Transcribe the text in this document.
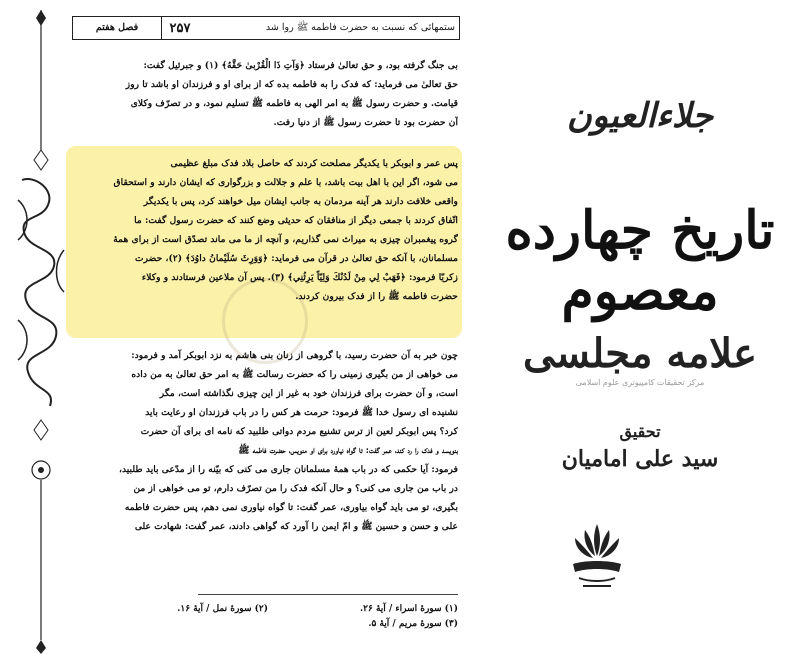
ستمهائی که نسبت به حضرت فاطمه ﷺ روا شد
۲۵۷
فصل هفتم
بی جنگ گرفته بود، و حق تعالیٰ فرستاد ﴿وَآتِ ذَا الْقُرْبىٰ حَقَّهُ﴾ (۱) و جبرئیل گفت:
حق تعالیٰ می فرماید: که فدک را به فاطمه بده که از برای او و فرزندان او باشد تا روز
قیامت. و حضرت رسول ﷺ به امر الهی به فاطمه ﷺ تسلیم نمود، و در تصرّف وکلای
آن حضرت بود تا حضرت رسول ﷺ از دنیا رفت.
پس عمر و ابوبکر با یکدیگر مصلحت کردند که حاصل بلاد فدک مبلغ عظیمی
می شود، اگر این با اهل بیت باشد، با علم و جلالت و بزرگواری که ایشان دارند و استحقاق
واقعی خلافت دارند هر آینه مردمان به جانب ایشان میل خواهند کرد، پس با یکدیگر
اتّفاق کردند با جمعی دیگر از منافقان که حدیثی وضع کنند که حضرت رسول گفت: ما
گروه پیغمبران چیزی به میراث نمی گذاریم، و آنچه از ما می ماند تصدّق است از برای همهٔ
مسلمانان، با آنکه حق تعالیٰ در قرآن می فرماید: ﴿وَوَرِثَ سُلَيْمانُ داوُدَ﴾ (۲)، حضرت
زکریّا فرمود: ﴿فَهَبْ لِي مِنْ لَدُنْكَ وَلِيّاً يَرِثُنِي﴾ (۳). پس آن ملاعین فرستادند و وکلاء
حضرت فاطمه ﷺ را از فدک بیرون کردند.
چون خبر به آن حضرت رسید، با گروهی از زنان بنی هاشم به نزد ابوبکر آمد و فرمود:
می خواهی از من بگیری زمینی را که حضرت رسالت ﷺ به امر حق تعالیٰ به من داده
است، و آن حضرت برای فرزندان خود به غیر از این چیزی نگذاشته است، مگر
نشنیده ای رسول خدا ﷺ فرمود: حرمت هر کس را در باب فرزندان او رعایت باید
کرد؟ پس ابوبکر لعین از ترس تشنیع مردم دواتی طلبید که نامه ای برای آن حضرت
بنویسد و فدک را رد کند، عمر گفت: تا گواه نیاورد برای او منویس، حضرت فاطمه ﷺ
فرمود: آیا حکمی که در باب همهٔ مسلمانان جاری می کنی که بیّنه را از مدّعی باید طلبید،
در باب من جاری می کنی؟ و حال آنکه فدک را من تصرّف دارم، تو می خواهی از من
بگیری، تو می باید گواه بیاوری، عمر گفت: تا گواه نیاوری نمی دهم، پس حضرت فاطمه
علی و حسن و حسین ﷺ و امّ ایمن را آورد که گواهی دادند، عمر گفت: شهادت علی
(۱) سورهٔ اسراء / آیهٔ ۲۶.
(۲) سورهٔ نمل / آیهٔ ۱۶.
(۳) سورهٔ مریم / آیهٔ ۵.
جلاءالعیون
تاریخ چهارده معصوم
علامه مجلسی
مرکز تحقیقات کامپیوتری علوم اسلامی
تحقیق
سید علی امامیان
